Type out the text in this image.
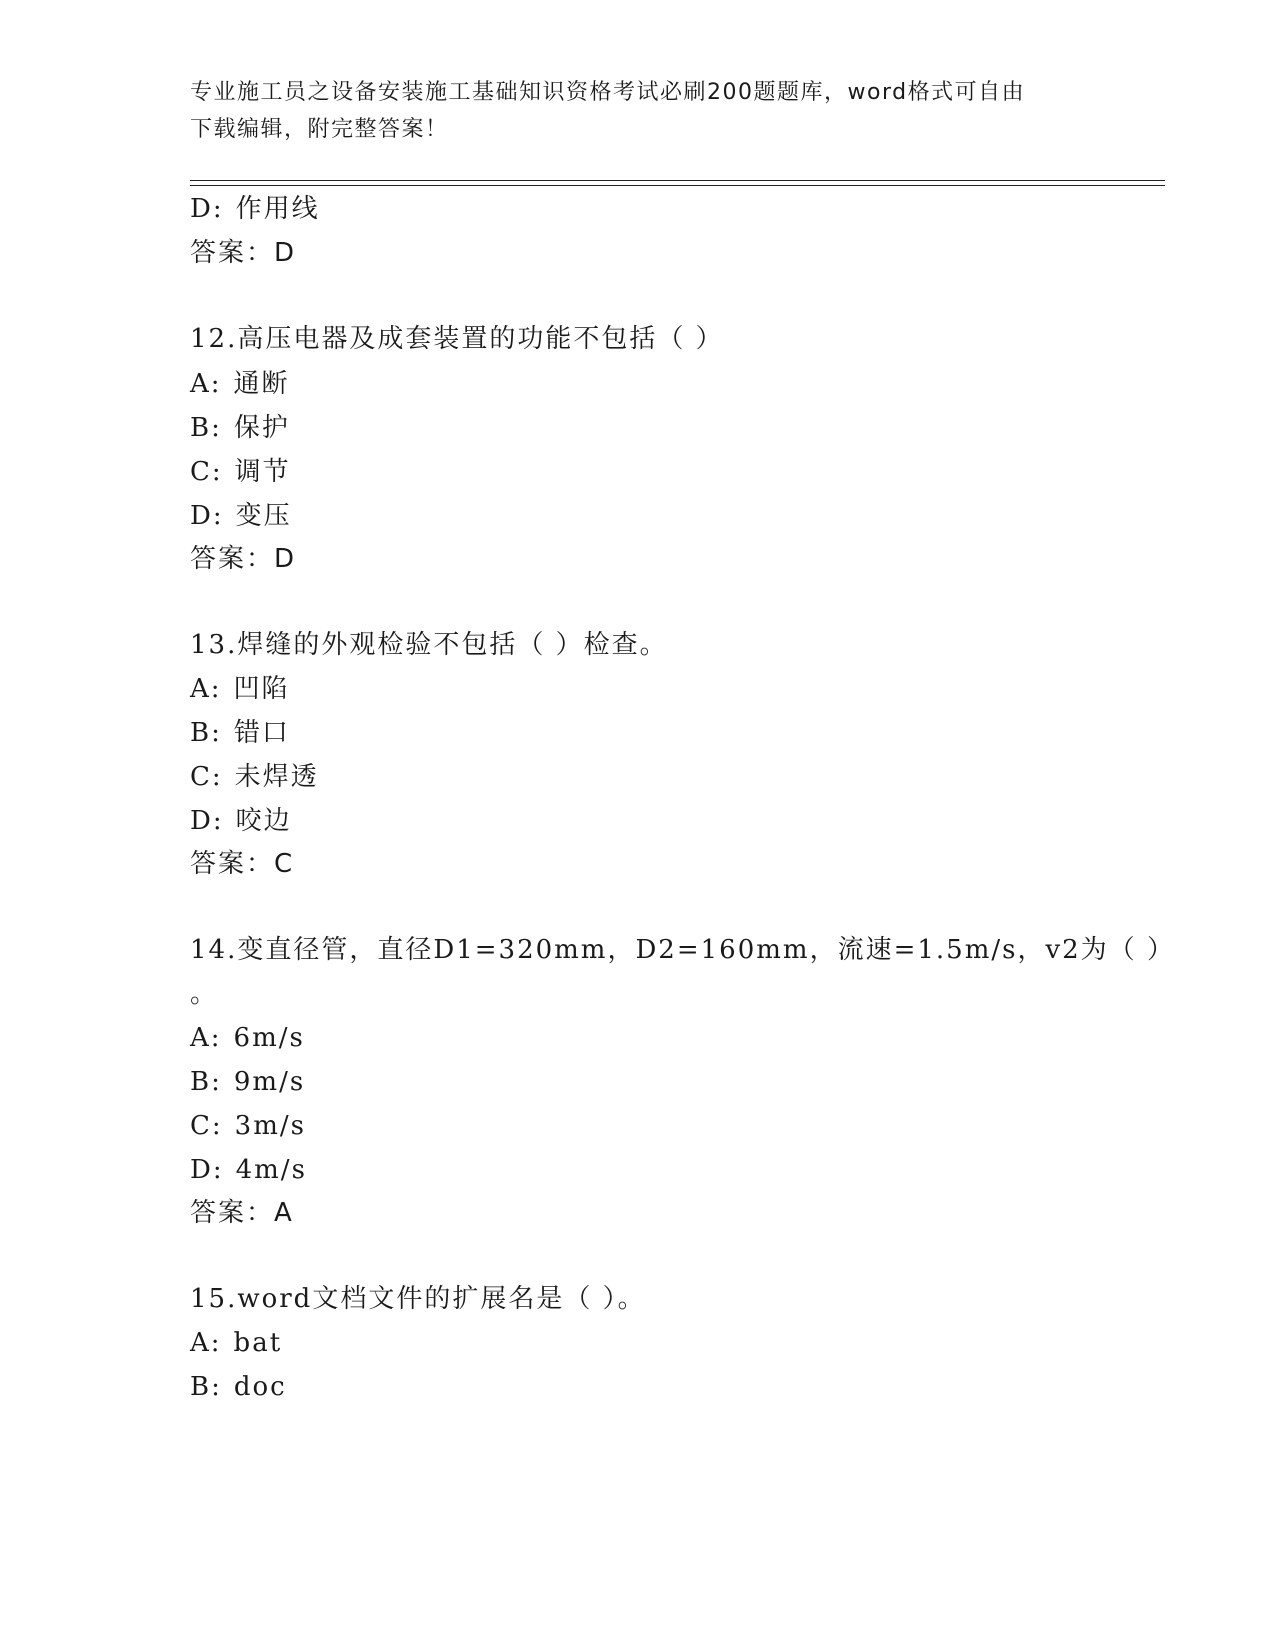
专业施工员之设备安装施工基础知识资格考试必刷200题题库，word格式可自由
下载编辑，附完整答案！
D: 作用线
答案：D
12.高压电器及成套装置的功能不包括（ ）
A: 通断
B: 保护
C: 调节
D: 变压
答案：D
13.焊缝的外观检验不包括（ ）检查。
A: 凹陷
B: 错口
C: 未焊透
D: 咬边
答案：C
14.变直径管，直径D1=320mm，D2=160mm，流速=1.5m/s，v2为（ ）
。
A: 6m/s
B: 9m/s
C: 3m/s
D: 4m/s
答案：A
15.word文档文件的扩展名是（ ）。
A: bat
B: doc
